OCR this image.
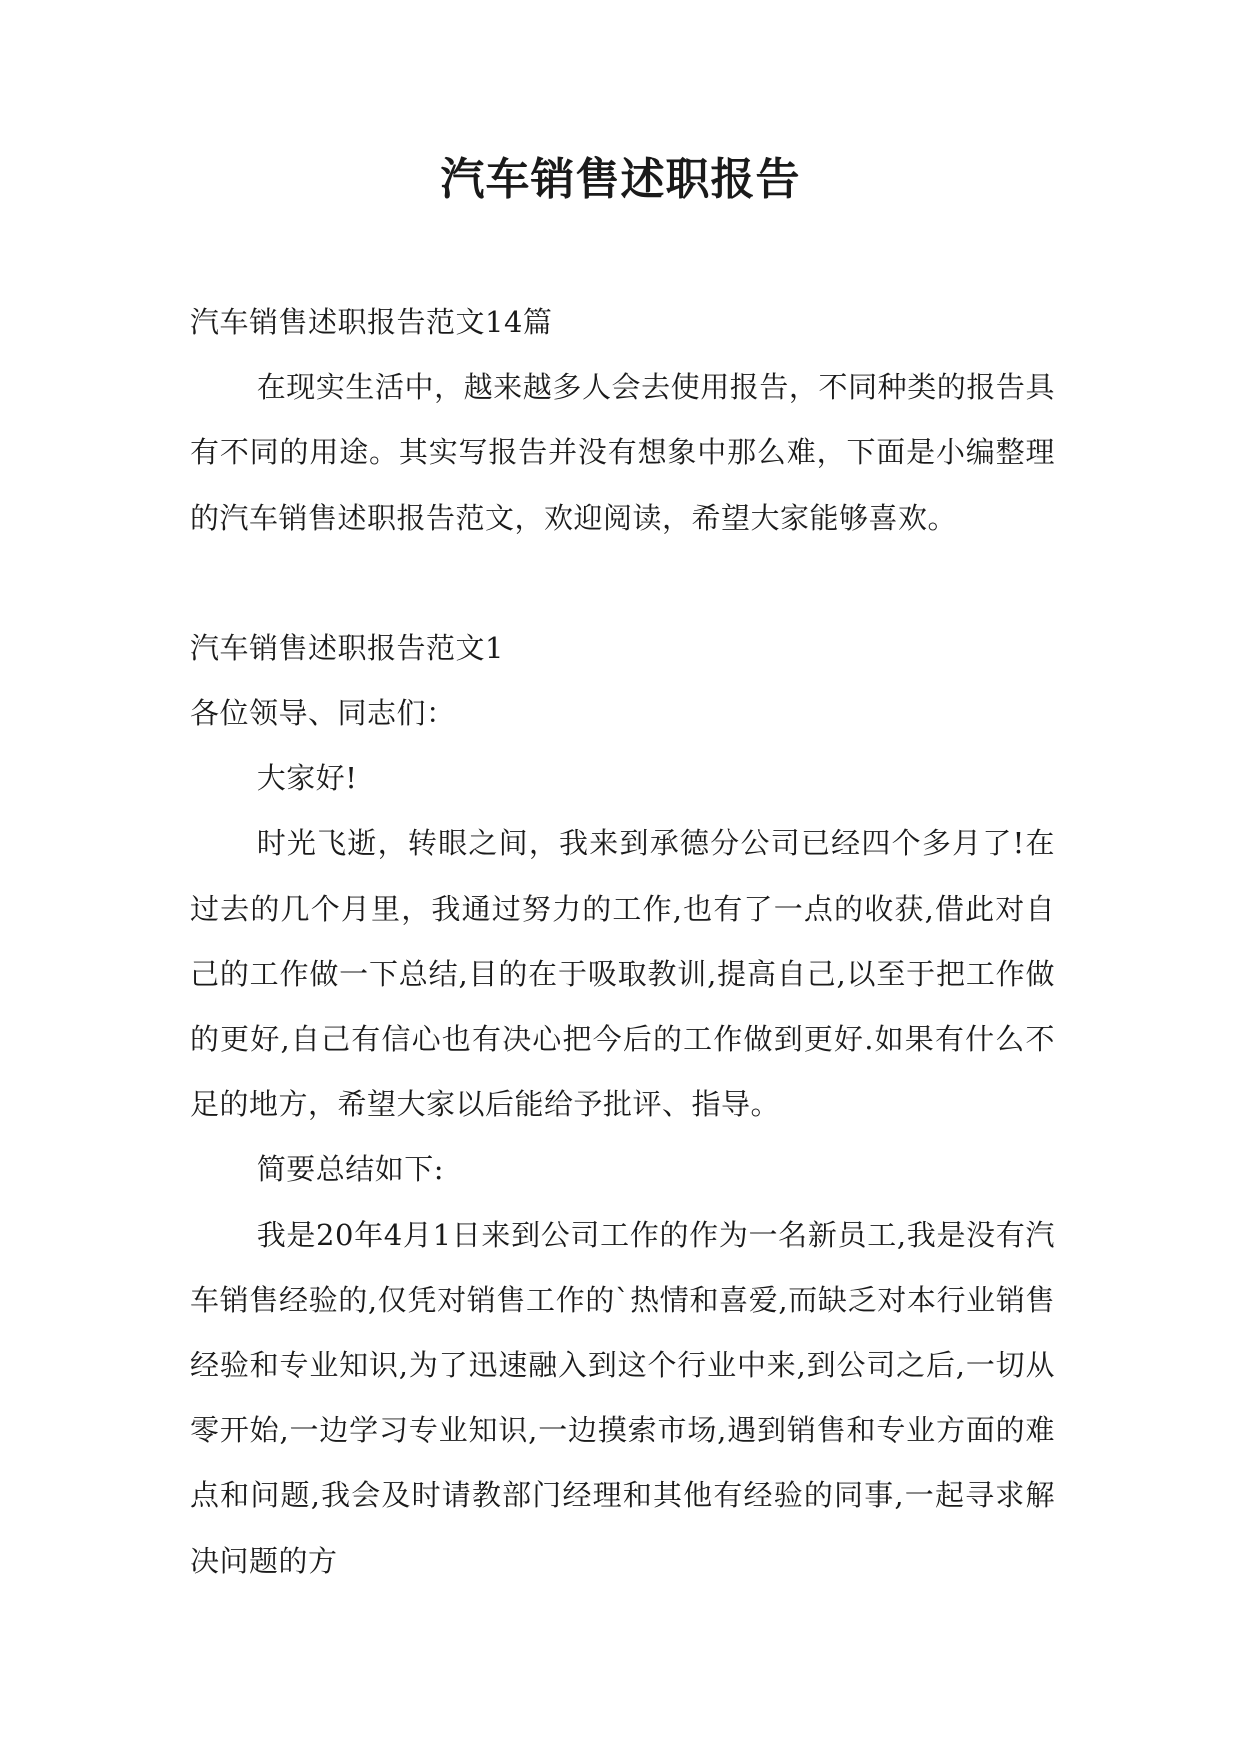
汽车销售述职报告

汽车销售述职报告范文14篇

在现实生活中，越来越多人会去使用报告，不同种类的报告具有不同的用途。其实写报告并没有想象中那么难，下面是小编整理的汽车销售述职报告范文，欢迎阅读，希望大家能够喜欢。

汽车销售述职报告范文1

各位领导、同志们：

大家好!

时光飞逝，转眼之间，我来到承德分公司已经四个多月了!在过去的几个月里，我通过努力的工作,也有了一点的收获,借此对自己的工作做一下总结,目的在于吸取教训,提高自己,以至于把工作做的更好,自己有信心也有决心把今后的工作做到更好.如果有什么不足的地方，希望大家以后能给予批评、指导。

简要总结如下:

我是20年4月1日来到公司工作的作为一名新员工,我是没有汽车销售经验的,仅凭对销售工作的`热情和喜爱,而缺乏对本行业销售经验和专业知识,为了迅速融入到这个行业中来,到公司之后,一切从零开始,一边学习专业知识,一边摸索市场,遇到销售和专业方面的难点和问题,我会及时请教部门经理和其他有经验的同事,一起寻求解决问题的方
